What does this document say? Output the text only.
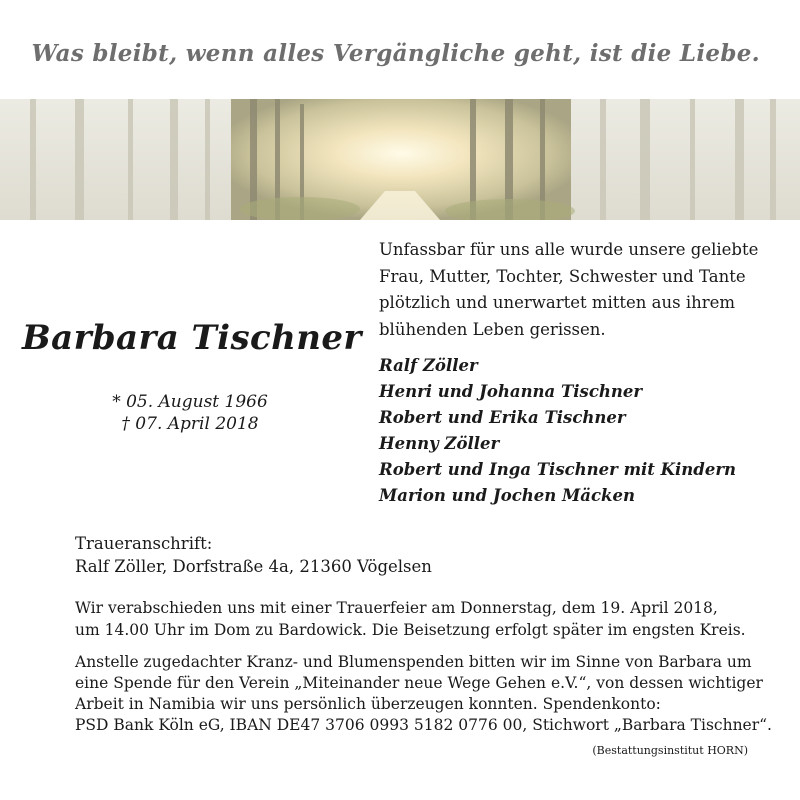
Was bleibt, wenn alles Vergängliche geht, ist die Liebe.
Unfassbar für uns alle wurde unsere geliebte
Frau, Mutter, Tochter, Schwester und Tante
plötzlich und unerwartet mitten aus ihrem
blühenden Leben gerissen.
Barbara Tischner
* 05. August 1966
† 07. April 2018
Ralf Zöller
Henri und Johanna Tischner
Robert und Erika Tischner
Henny Zöller
Robert und Inga Tischner mit Kindern
Marion und Jochen Mäcken
Traueranschrift:
Ralf Zöller, Dorfstraße 4a, 21360 Vögelsen
Wir verabschieden uns mit einer Trauerfeier am Donnerstag, dem 19. April 2018,
um 14.00 Uhr im Dom zu Bardowick. Die Beisetzung erfolgt später im engsten Kreis.
Anstelle zugedachter Kranz- und Blumenspenden bitten wir im Sinne von Barbara um
eine Spende für den Verein „Miteinander neue Wege Gehen e.V.“, von dessen wichtiger
Arbeit in Namibia wir uns persönlich überzeugen konnten. Spendenkonto:
PSD Bank Köln eG, IBAN DE47 3706 0993 5182 0776 00, Stichwort „Barbara Tischner“.
(Bestattungsinstitut HORN)
